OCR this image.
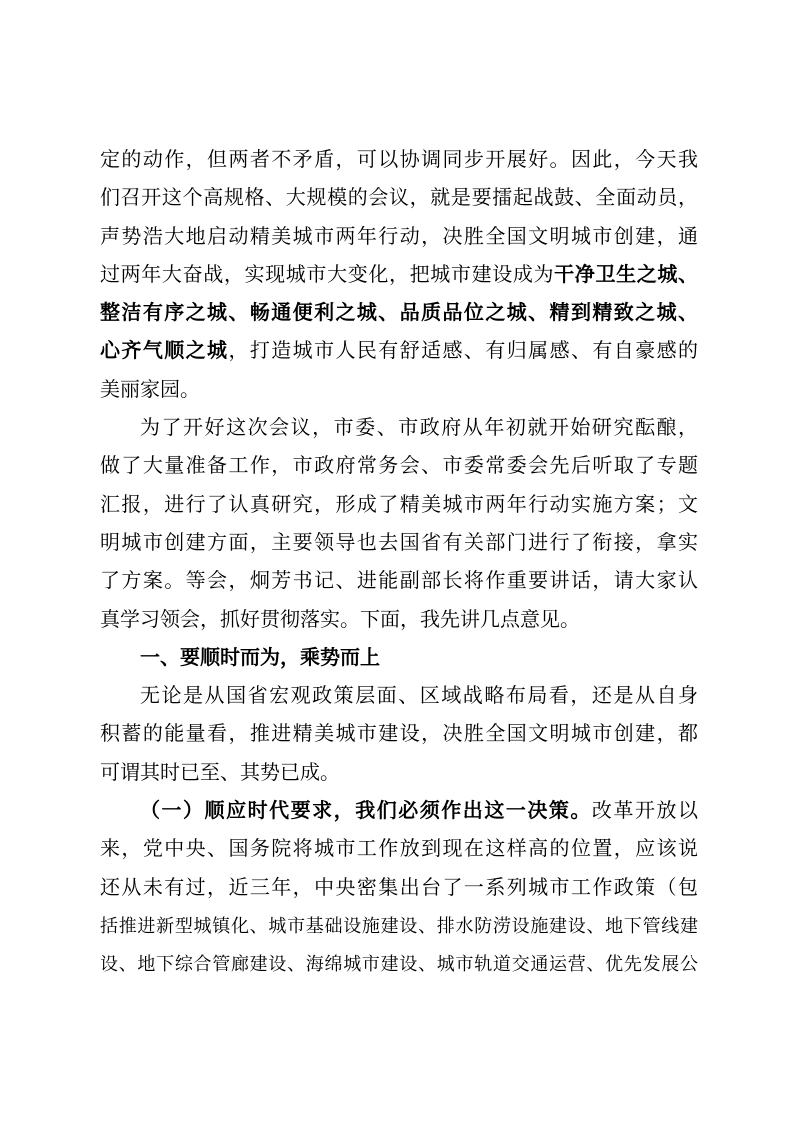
定的动作，但两者不矛盾，可以协调同步开展好。因此，今天我
们召开这个高规格、大规模的会议，就是要擂起战鼓、全面动员，
声势浩大地启动精美城市两年行动，决胜全国文明城市创建，通
过两年大奋战，实现城市大变化，把城市建设成为干净卫生之城、
整洁有序之城、畅通便利之城、品质品位之城、精到精致之城、
心齐气顺之城，打造城市人民有舒适感、有归属感、有自豪感的
美丽家园。
为了开好这次会议，市委、市政府从年初就开始研究酝酿，
做了大量准备工作，市政府常务会、市委常委会先后听取了专题
汇报，进行了认真研究，形成了精美城市两年行动实施方案；文
明城市创建方面，主要领导也去国省有关部门进行了衔接，拿实
了方案。等会，炯芳书记、进能副部长将作重要讲话，请大家认
真学习领会，抓好贯彻落实。下面，我先讲几点意见。
一、要顺时而为，乘势而上
无论是从国省宏观政策层面、区域战略布局看，还是从自身
积蓄的能量看，推进精美城市建设，决胜全国文明城市创建，都
可谓其时已至、其势已成。
（一）顺应时代要求，我们必须作出这一决策。改革开放以
来，党中央、国务院将城市工作放到现在这样高的位置，应该说
还从未有过，近三年，中央密集出台了一系列城市工作政策（包
括推进新型城镇化、城市基础设施建设、排水防涝设施建设、地下管线建
设、地下综合管廊建设、海绵城市建设、城市轨道交通运营、优先发展公
